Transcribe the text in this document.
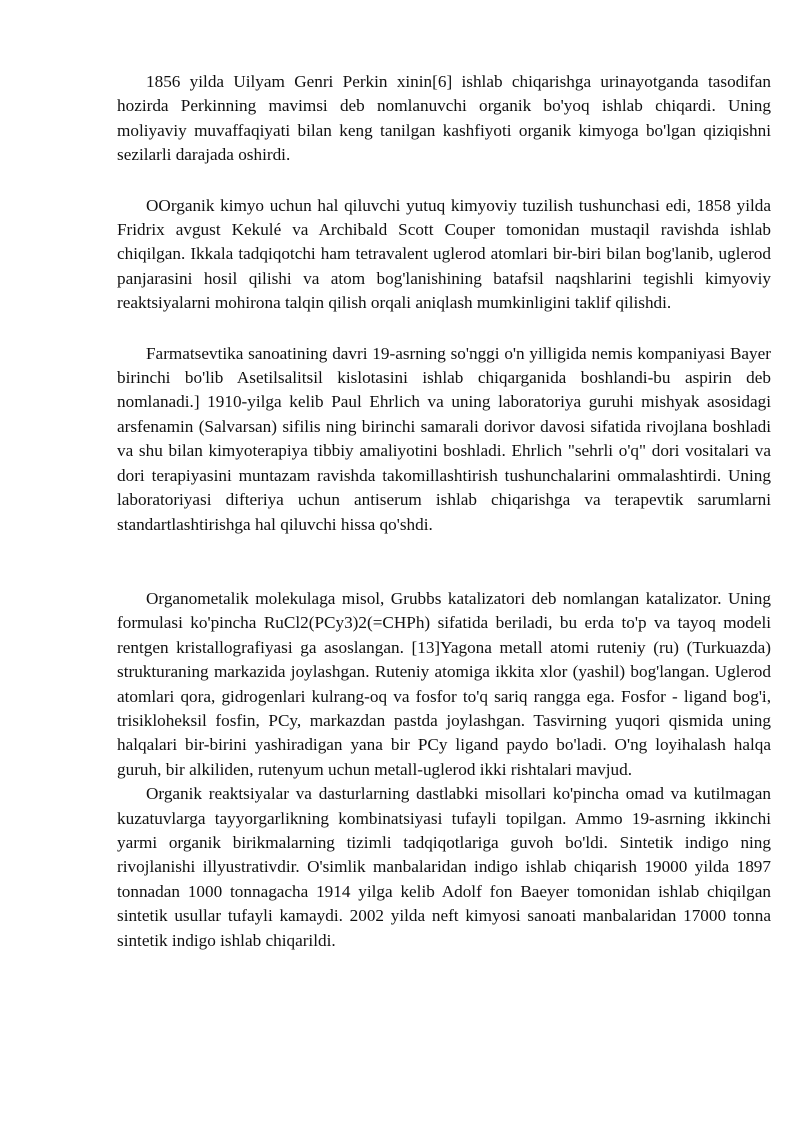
1856 yilda Uilyam Genri Perkin xinin[6] ishlab chiqarishga urinayotganda tasodifan hozirda Perkinning mavimsi deb nomlanuvchi organik bo'yoq ishlab chiqardi. Uning moliyaviy muvaffaqiyati bilan keng tanilgan kashfiyoti organik kimyoga bo'lgan qiziqishni sezilarli darajada oshirdi.

OOrganik kimyo uchun hal qiluvchi yutuq kimyoviy tuzilish tushunchasi edi, 1858 yilda Fridrix avgust Kekulé va Archibald Scott Couper tomonidan mustaqil ravishda ishlab chiqilgan. Ikkala tadqiqotchi ham tetravalent uglerod atomlari bir-biri bilan bog'lanib, uglerod panjarasini hosil qilishi va atom bog'lanishining batafsil naqshlarini tegishli kimyoviy reaktsiyalarni mohirona talqin qilish orqali aniqlash mumkinligini taklif qilishdi.

Farmatsevtika sanoatining davri 19-asrning so'nggi o'n yilligida nemis kompaniyasi Bayer birinchi bo'lib Asetilsalitsil kislotasini ishlab chiqarganida boshlandi-bu aspirin deb nomlanadi.] 1910-yilga kelib Paul Ehrlich va uning laboratoriya guruhi mishyak asosidagi arsfenamin (Salvarsan) sifilis ning birinchi samarali dorivor davosi sifatida rivojlana boshladi va shu bilan kimyoterapiya tibbiy amaliyotini boshladi. Ehrlich "sehrli o'q" dori vositalari va dori terapiyasini muntazam ravishda takomillashtirish tushunchalarini ommalashtirdi. Uning laboratoriyasi difteriya uchun antiserum ishlab chiqarishga va terapevtik sarumlarni standartlashtirishga hal qiluvchi hissa qo'shdi.

Organometalik molekulaga misol, Grubbs katalizatori deb nomlangan katalizator. Uning formulasi ko'pincha RuCl2(PCy3)2(=CHPh) sifatida beriladi, bu erda to'p va tayoq modeli rentgen kristallografiyasi ga asoslangan. [13]Yagona metall atomi ruteniy (ru) (Turkuazda) strukturaning markazida joylashgan. Ruteniy atomiga ikkita xlor (yashil) bog'langan. Uglerod atomlari qora, gidrogenlari kulrang-oq va fosfor to'q sariq rangga ega. Fosfor - ligand bog'i, trisikloheksil fosfin, PCy, markazdan pastda joylashgan. Tasvirning yuqori qismida uning halqalari bir-birini yashiradigan yana bir PCy ligand paydo bo'ladi. O'ng loyihalash halqa guruh, bir alkiliden, rutenyum uchun metall-uglerod ikki rishtalari mavjud.

Organik reaktsiyalar va dasturlarning dastlabki misollari ko'pincha omad va kutilmagan kuzatuvlarga tayyorgarlikning kombinatsiyasi tufayli topilgan. Ammo 19-asrning ikkinchi yarmi organik birikmalarning tizimli tadqiqotlariga guvoh bo'ldi. Sintetik indigo ning rivojlanishi illyustrativdir. O'simlik manbalaridan indigo ishlab chiqarish 19000 yilda 1897 tonnadan 1000 tonnagacha 1914 yilga kelib Adolf fon Baeyer tomonidan ishlab chiqilgan sintetik usullar tufayli kamaydi. 2002 yilda neft kimyosi sanoati manbalaridan 17000 tonna sintetik indigo ishlab chiqarildi.
